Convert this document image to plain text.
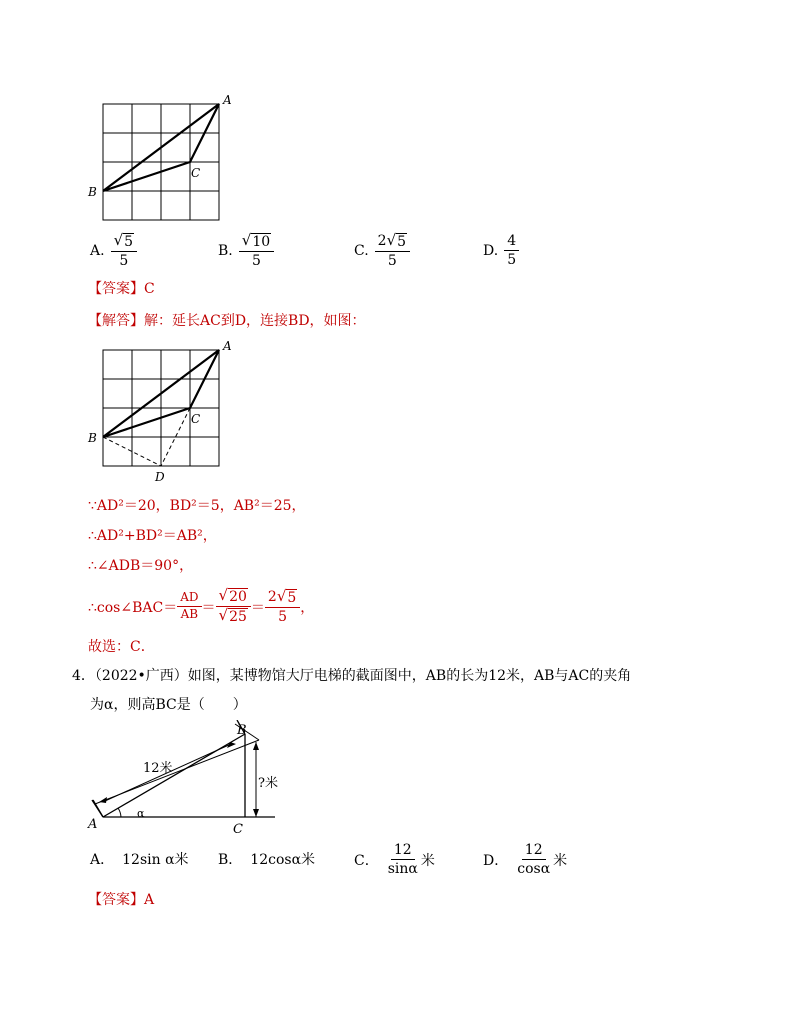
A
B
C
A. $\frac{√ 5}{5}$	B. $\frac{√ 10}{5}$	C. $\frac{2 √ 5}{5}$	D. $\frac{4}{5}$
【答案】C
【解答】解：延长AC到D，连接BD，如图：
A
B
C
D
∵AD²＝20，BD²＝5，AB²＝25，
∴AD²+BD²＝AB²，
∴∠ADB＝90°，
∴cos∠BAC＝ $\frac{AD}{AB} = \frac{√ 20}{√ 25} = \frac{2 √ 5}{5}$ ，
故选：C．
4．（2022•广西）如图，某博物馆大厅电梯的截面图中，AB的长为12米，AB与AC的夹角
为α，则高BC是（　　）
A
B
C
α
12米
?米
A． 12sin α米 B． 12cosα米	C． $\frac{12}{\sin\alpha}$ 米	D． $\frac{12}{\cos\alpha}$ 米
【答案】A
